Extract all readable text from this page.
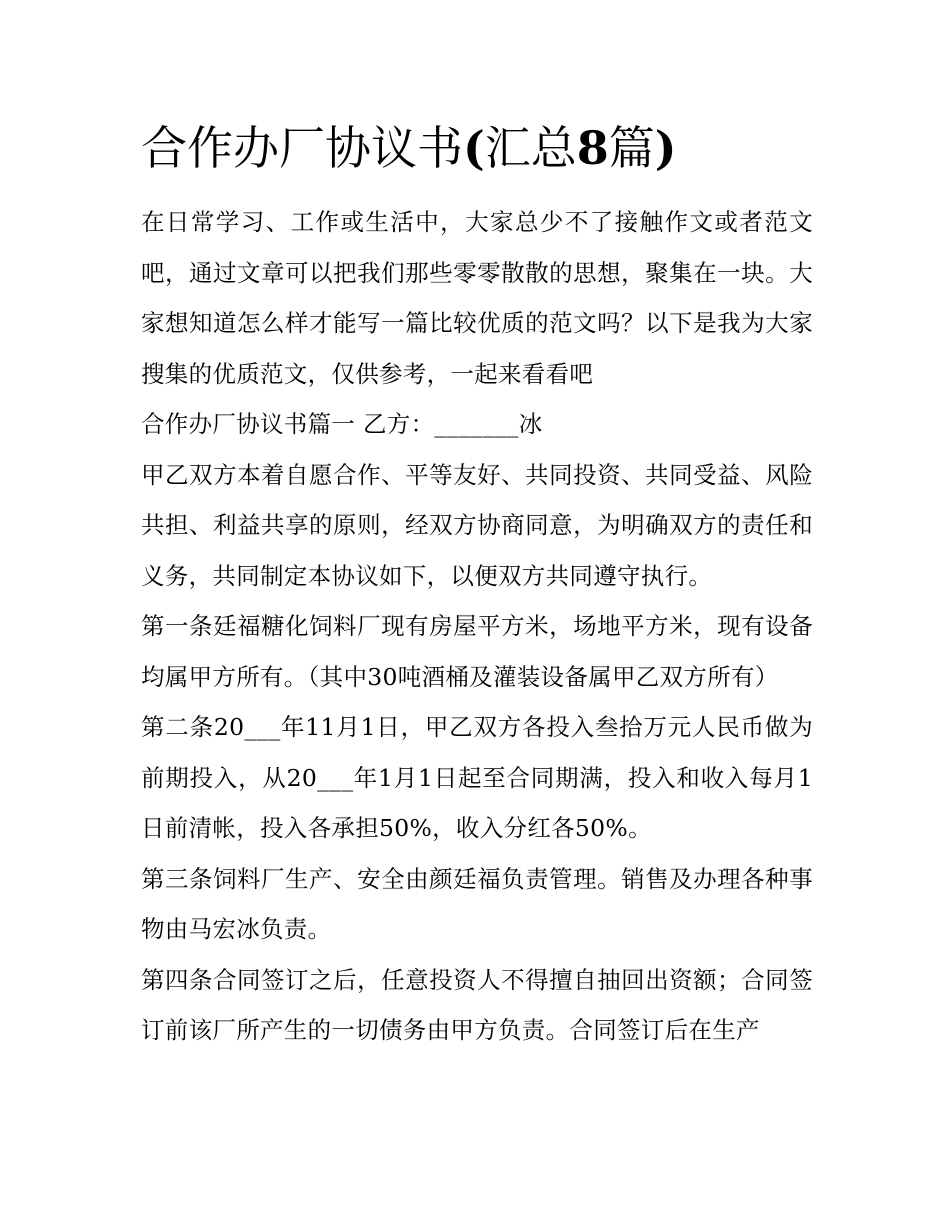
合作办厂协议书(汇总8篇)

在日常学习、工作或生活中，大家总少不了接触作文或者范文吧，通过文章可以把我们那些零零散散的思想，聚集在一块。大家想知道怎么样才能写一篇比较优质的范文吗？以下是我为大家搜集的优质范文，仅供参考，一起来看看吧

合作办厂协议书篇一 乙方：_______冰

甲乙双方本着自愿合作、平等友好、共同投资、共同受益、风险共担、利益共享的原则，经双方协商同意，为明确双方的责任和义务，共同制定本协议如下，以便双方共同遵守执行。

第一条廷福糖化饲料厂现有房屋平方米，场地平方米，现有设备均属甲方所有。（其中30吨酒桶及灌装设备属甲乙双方所有）

第二条20___年11月1日，甲乙双方各投入叁拾万元人民币做为前期投入，从20___年1月1日起至合同期满，投入和收入每月1日前清帐，投入各承担50%，收入分红各50%。

第三条饲料厂生产、安全由颜廷福负责管理。销售及办理各种事物由马宏冰负责。

第四条合同签订之后，任意投资人不得擅自抽回出资额；合同签订前该厂所产生的一切债务由甲方负责。合同签订后在生产
